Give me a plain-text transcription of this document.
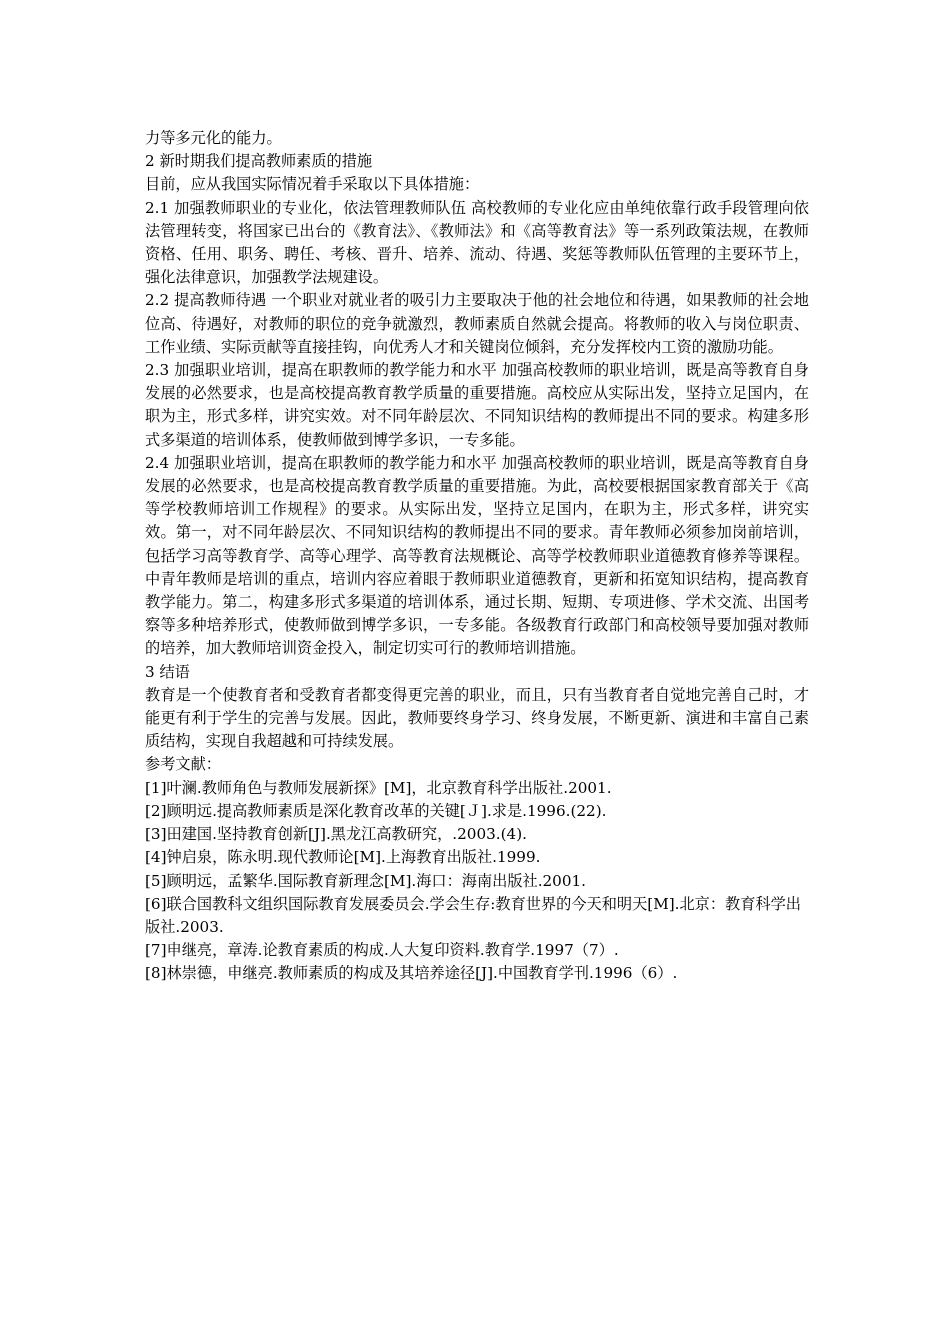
力等多元化的能力。

2 新时期我们提高教师素质的措施

目前，应从我国实际情况着手采取以下具体措施：

2.1 加强教师职业的专业化，依法管理教师队伍 高校教师的专业化应由单纯依靠行政手段管理向依法管理转变，将国家已出台的《教育法》、《教师法》和《高等教育法》等一系列政策法规，在教师资格、任用、职务、聘任、考核、晋升、培养、流动、待遇、奖惩等教师队伍管理的主要环节上，强化法律意识，加强教学法规建设。

2.2 提高教师待遇 一个职业对就业者的吸引力主要取决于他的社会地位和待遇，如果教师的社会地位高、待遇好，对教师的职位的竞争就激烈，教师素质自然就会提高。将教师的收入与岗位职责、工作业绩、实际贡献等直接挂钩，向优秀人才和关键岗位倾斜，充分发挥校内工资的激励功能。

2.3 加强职业培训，提高在职教师的教学能力和水平 加强高校教师的职业培训，既是高等教育自身发展的必然要求，也是高校提高教育教学质量的重要措施。高校应从实际出发，坚持立足国内，在职为主，形式多样，讲究实效。对不同年龄层次、不同知识结构的教师提出不同的要求。构建多形式多渠道的培训体系，使教师做到博学多识，一专多能。

2.4 加强职业培训，提高在职教师的教学能力和水平 加强高校教师的职业培训，既是高等教育自身发展的必然要求，也是高校提高教育教学质量的重要措施。为此，高校要根据国家教育部关于《高等学校教师培训工作规程》的要求。从实际出发，坚持立足国内，在职为主，形式多样，讲究实效。第一，对不同年龄层次、不同知识结构的教师提出不同的要求。青年教师必须参加岗前培训，包括学习高等教育学、高等心理学、高等教育法规概论、高等学校教师职业道德教育修养等课程。中青年教师是培训的重点，培训内容应着眼于教师职业道德教育，更新和拓宽知识结构，提高教育教学能力。第二，构建多形式多渠道的培训体系，通过长期、短期、专项进修、学术交流、出国考察等多种培养形式，使教师做到博学多识，一专多能。各级教育行政部门和高校领导要加强对教师的培养，加大教师培训资金投入，制定切实可行的教师培训措施。

3 结语

教育是一个使教育者和受教育者都变得更完善的职业，而且，只有当教育者自觉地完善自己时，才能更有利于学生的完善与发展。因此，教师要终身学习、终身发展，不断更新、演进和丰富自己素质结构，实现自我超越和可持续发展。

参考文献：

[1]叶澜.教师角色与教师发展新探》[M]，北京教育科学出版社.2001.

[2]顾明远.提高教师素质是深化教育改革的关键[Ｊ].求是.1996.(22).

[3]田建国.坚持教育创新[J].黑龙江高教研究，.2003.(4).

[4]钟启泉，陈永明.现代教师论[M].上海教育出版社.1999.

[5]顾明远，孟繁华.国际教育新理念[M].海口：海南出版社.2001.

[6]联合国教科文组织国际教育发展委员会.学会生存:教育世界的今天和明天[M].北京：教育科学出版社.2003.

[7]申继亮，章涛.论教育素质的构成.人大复印资料.教育学.1997（7）.

[8]林崇德，申继亮.教师素质的构成及其培养途径[J].中国教育学刊.1996（6）.
